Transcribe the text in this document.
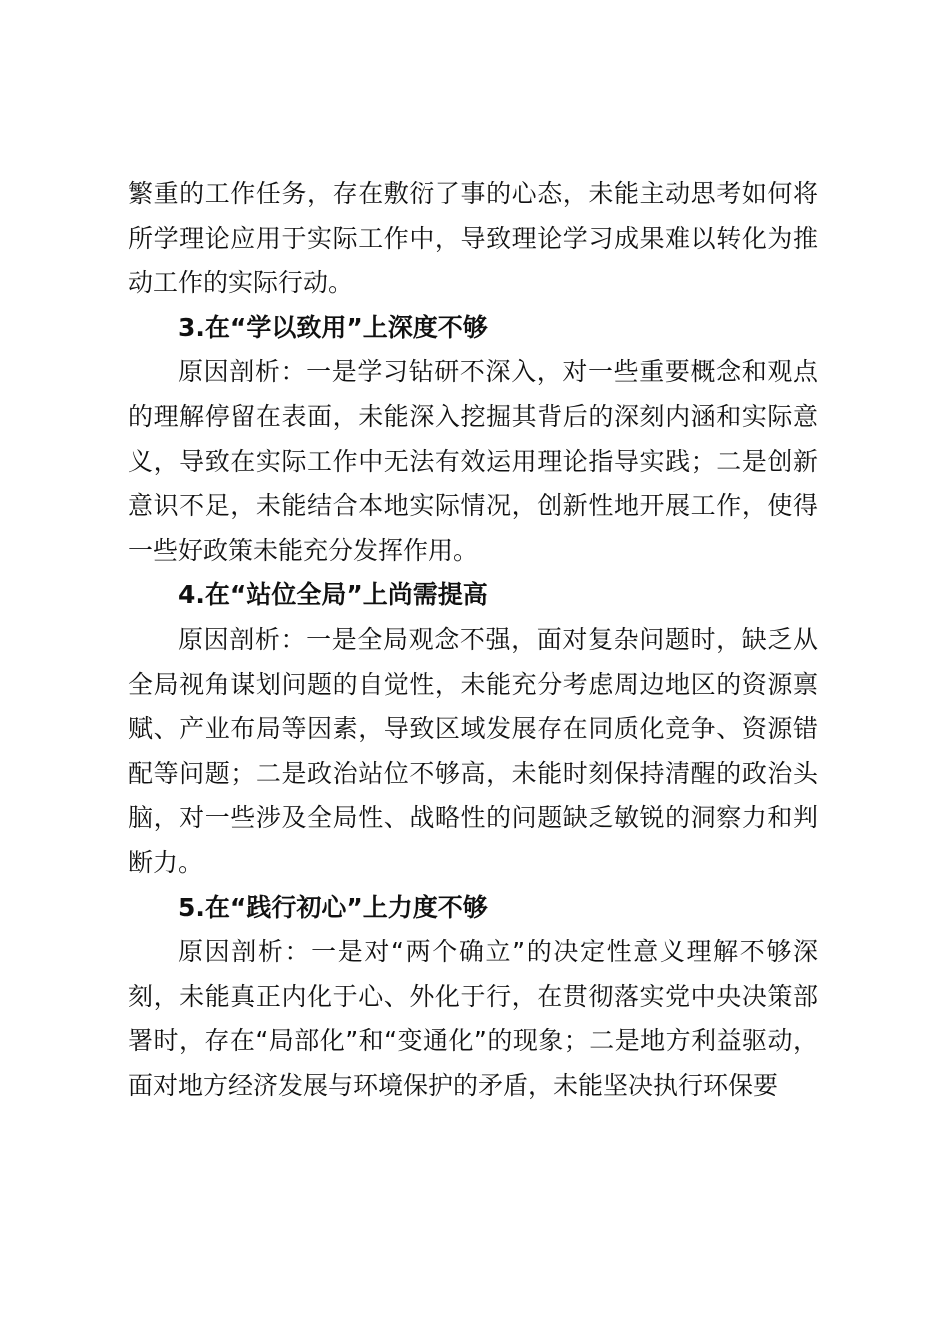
繁重的工作任务，存在敷衍了事的心态，未能主动思考如何将所学理论应用于实际工作中，导致理论学习成果难以转化为推动工作的实际行动。

3.在“学以致用”上深度不够

原因剖析：一是学习钻研不深入，对一些重要概念和观点的理解停留在表面，未能深入挖掘其背后的深刻内涵和实际意义，导致在实际工作中无法有效运用理论指导实践；二是创新意识不足，未能结合本地实际情况，创新性地开展工作，使得一些好政策未能充分发挥作用。

4.在“站位全局”上尚需提高

原因剖析：一是全局观念不强，面对复杂问题时，缺乏从全局视角谋划问题的自觉性，未能充分考虑周边地区的资源禀赋、产业布局等因素，导致区域发展存在同质化竞争、资源错配等问题；二是政治站位不够高，未能时刻保持清醒的政治头脑，对一些涉及全局性、战略性的问题缺乏敏锐的洞察力和判断力。

5.在“践行初心”上力度不够

原因剖析：一是对“两个确立”的决定性意义理解不够深刻，未能真正内化于心、外化于行，在贯彻落实党中央决策部署时，存在“局部化”和“变通化”的现象；二是地方利益驱动，面对地方经济发展与环境保护的矛盾，未能坚决执行环保要
